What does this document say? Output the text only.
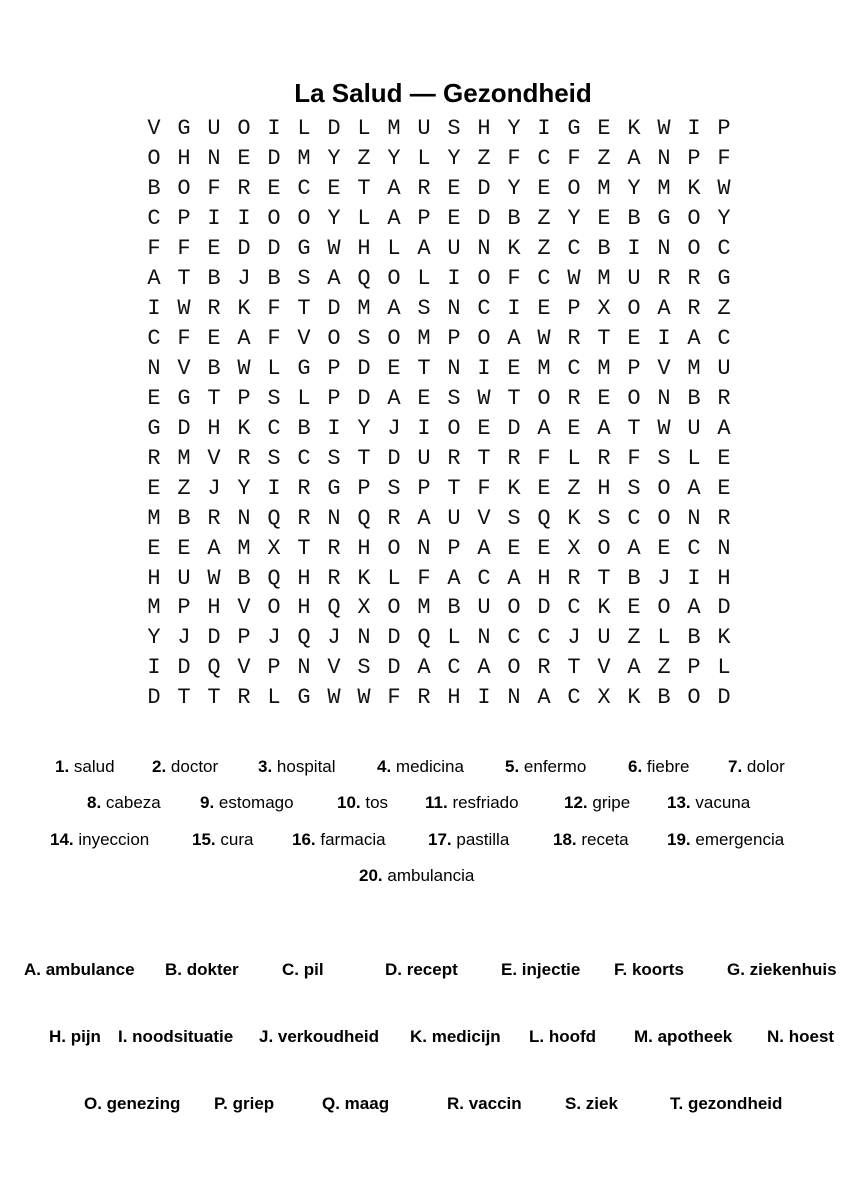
La Salud — Gezondheid
V G U O I L D L M U S H Y I G E K W I P
O H N E D M Y Z Y L Y Z F C F Z A N P F
B O F R E C E T A R E D Y E O M Y M K W
C P I I O O Y L A P E D B Z Y E B G O Y
F F E D D G W H L A U N K Z C B I N O C
A T B J B S A Q O L I O F C W M U R R G
I W R K F T D M A S N C I E P X O A R Z
C F E A F V O S O M P O A W R T E I A C
N V B W L G P D E T N I E M C M P V M U
E G T P S L P D A E S W T O R E O N B R
G D H K C B I Y J I O E D A E A T W U A
R M V R S C S T D U R T R F L R F S L E
E Z J Y I R G P S P T F K E Z H S O A E
M B R N Q R N Q R A U V S Q K S C O N R
E E A M X T R H O N P A E E X O A E C N
H U W B Q H R K L F A C A H R T B J I H
M P H V O H Q X O M B U O D C K E O A D
Y J D P J Q J N D Q L N C C J U Z L B K
I D Q V P N V S D A C A O R T V A Z P L
D T T R L G W W F R H I N A C X K B O D
1. salud 2. doctor 3. hospital 4. medicina 5. enfermo 6. fiebre 7. dolor
8. cabeza 9. estomago	10. tos 11. resfriado	12. gripe 13. vacuna
14. inyeccion	15. cura 16. farmacia 17. pastilla	18. receta 19. emergencia
20. ambulancia
A. ambulance B. dokter	C. pil	D. recept	E. injectie F. koorts	G. ziekenhuis
H. pijn I. noodsituatie J. verkoudheid K. medicijn L. hoofd M. apotheek N. hoest
O. genezing P. griep	Q. maag	R. vaccin	S. ziek	T. gezondheid
